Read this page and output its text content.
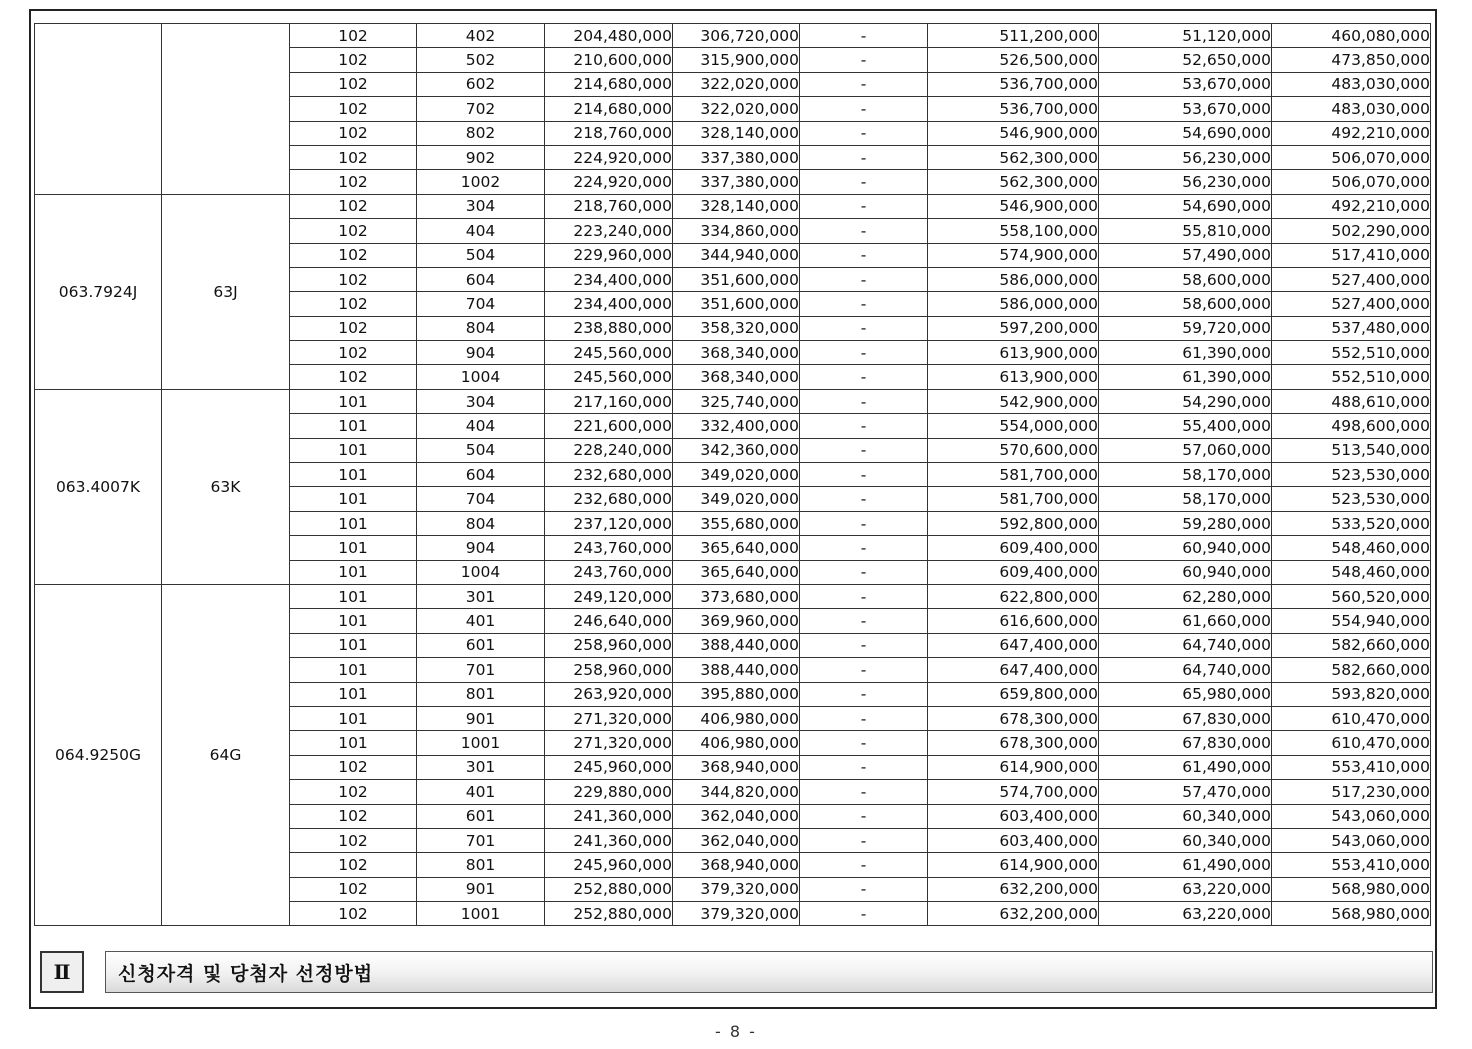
		102	402	204,480,000	306,720,000	-	511,200,000	51,120,000	460,080,000
		102	502	210,600,000	315,900,000	-	526,500,000	52,650,000	473,850,000
		102	602	214,680,000	322,020,000	-	536,700,000	53,670,000	483,030,000
		102	702	214,680,000	322,020,000	-	536,700,000	53,670,000	483,030,000
		102	802	218,760,000	328,140,000	-	546,900,000	54,690,000	492,210,000
		102	902	224,920,000	337,380,000	-	562,300,000	56,230,000	506,070,000
		102	1002	224,920,000	337,380,000	-	562,300,000	56,230,000	506,070,000
063.7924J	63J	102	304	218,760,000	328,140,000	-	546,900,000	54,690,000	492,210,000
		102	404	223,240,000	334,860,000	-	558,100,000	55,810,000	502,290,000
		102	504	229,960,000	344,940,000	-	574,900,000	57,490,000	517,410,000
		102	604	234,400,000	351,600,000	-	586,000,000	58,600,000	527,400,000
		102	704	234,400,000	351,600,000	-	586,000,000	58,600,000	527,400,000
		102	804	238,880,000	358,320,000	-	597,200,000	59,720,000	537,480,000
		102	904	245,560,000	368,340,000	-	613,900,000	61,390,000	552,510,000
		102	1004	245,560,000	368,340,000	-	613,900,000	61,390,000	552,510,000
063.4007K	63K	101	304	217,160,000	325,740,000	-	542,900,000	54,290,000	488,610,000
		101	404	221,600,000	332,400,000	-	554,000,000	55,400,000	498,600,000
		101	504	228,240,000	342,360,000	-	570,600,000	57,060,000	513,540,000
		101	604	232,680,000	349,020,000	-	581,700,000	58,170,000	523,530,000
		101	704	232,680,000	349,020,000	-	581,700,000	58,170,000	523,530,000
		101	804	237,120,000	355,680,000	-	592,800,000	59,280,000	533,520,000
		101	904	243,760,000	365,640,000	-	609,400,000	60,940,000	548,460,000
		101	1004	243,760,000	365,640,000	-	609,400,000	60,940,000	548,460,000
064.9250G	64G	101	301	249,120,000	373,680,000	-	622,800,000	62,280,000	560,520,000
		101	401	246,640,000	369,960,000	-	616,600,000	61,660,000	554,940,000
		101	601	258,960,000	388,440,000	-	647,400,000	64,740,000	582,660,000
		101	701	258,960,000	388,440,000	-	647,400,000	64,740,000	582,660,000
		101	801	263,920,000	395,880,000	-	659,800,000	65,980,000	593,820,000
		101	901	271,320,000	406,980,000	-	678,300,000	67,830,000	610,470,000
		101	1001	271,320,000	406,980,000	-	678,300,000	67,830,000	610,470,000
		102	301	245,960,000	368,940,000	-	614,900,000	61,490,000	553,410,000
		102	401	229,880,000	344,820,000	-	574,700,000	57,470,000	517,230,000
		102	601	241,360,000	362,040,000	-	603,400,000	60,340,000	543,060,000
		102	701	241,360,000	362,040,000	-	603,400,000	60,340,000	543,060,000
		102	801	245,960,000	368,940,000	-	614,900,000	61,490,000	553,410,000
		102	901	252,880,000	379,320,000	-	632,200,000	63,220,000	568,980,000
		102	1001	252,880,000	379,320,000	-	632,200,000	63,220,000	568,980,000
Ⅱ	신청자격 및 당첨자 선정방법
- 8 -
